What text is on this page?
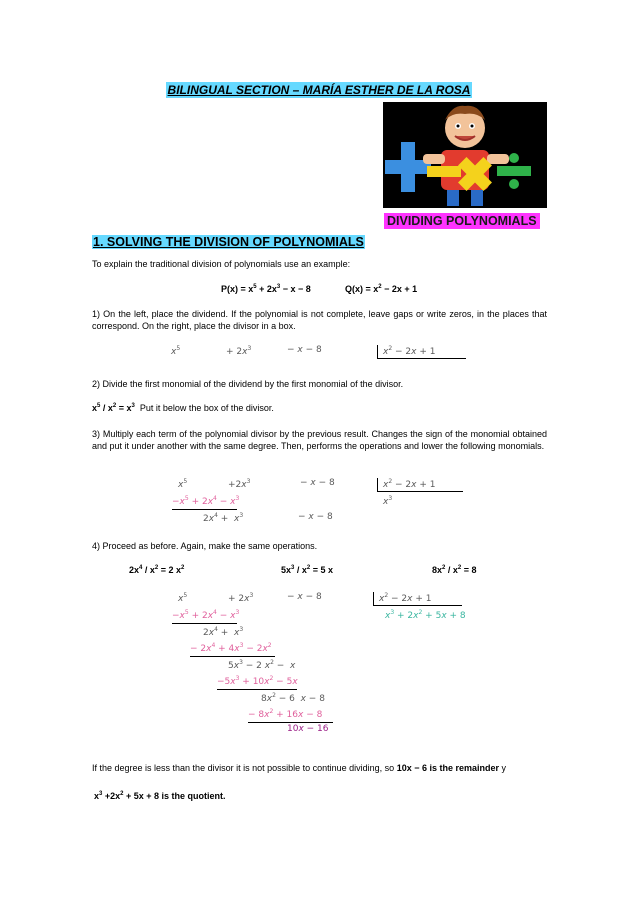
BILINGUAL SECTION – MARÍA ESTHER DE LA ROSA
DIVIDING POLYNOMIALS
1. SOLVING THE DIVISION OF POLYNOMIALS
To explain the traditional division of polynomials use an example:
$P(x) = x^5 + 2x^3 - x - 8$	$Q(x) = x^2 - 2x + 1$
1) On the left, place the dividend. If the polynomial is not complete, leave gaps or write zeros, in the places that correspond. On the right, place the divisor in a box.
$x^5$	+ $2x^3$	− x − 8	$x^2 - 2x + 1$
2) Divide the first monomial of the dividend by the first monomial of the divisor.
$x^5 / x^2 = x^3$ Put it below the box of the divisor.
3) Multiply each term of the polynomial divisor by the previous result. Changes the sign of the monomial obtained and put it under another with the same degree. Then, performs the operations and lower the following monomials.
$x^5$	$+2x^3$	− x − 8	$x^2 - 2x + 1$
$x^3$
$-x^5 + 2x^4 - x^3$
$2x^4 + x^3$	− x − 8
4) Proceed as before. Again, make the same operations.
$2x^4 / x^2 = 2$ $x^2$	$5x^3 / x^2 = 5$ x	$8x^2 / x^2 = 8$
$x^5$	+ $2x^3$	− x − 8	$x^2 - 2x + 1$
$x^3 + 2x^2 + 5x + 8$
$-x^5 + 2x^4 - x^3$
$2x^4 + x^3$
− $2x^4 + 4x^3 - 2x^2$
$5x^3 - 2$ $x^2 - x$
$-5x^3 + 10x^2 - 5x$
$8x^2 - 6$  x − 8
− $8x^2 + 16x - 8$
10x − 16
If the degree is less than the divisor it is not possible to continue dividing, so 10x − 6 is the remainder y
$x^3 +2x^2 + 5x + 8$ is the quotient.
